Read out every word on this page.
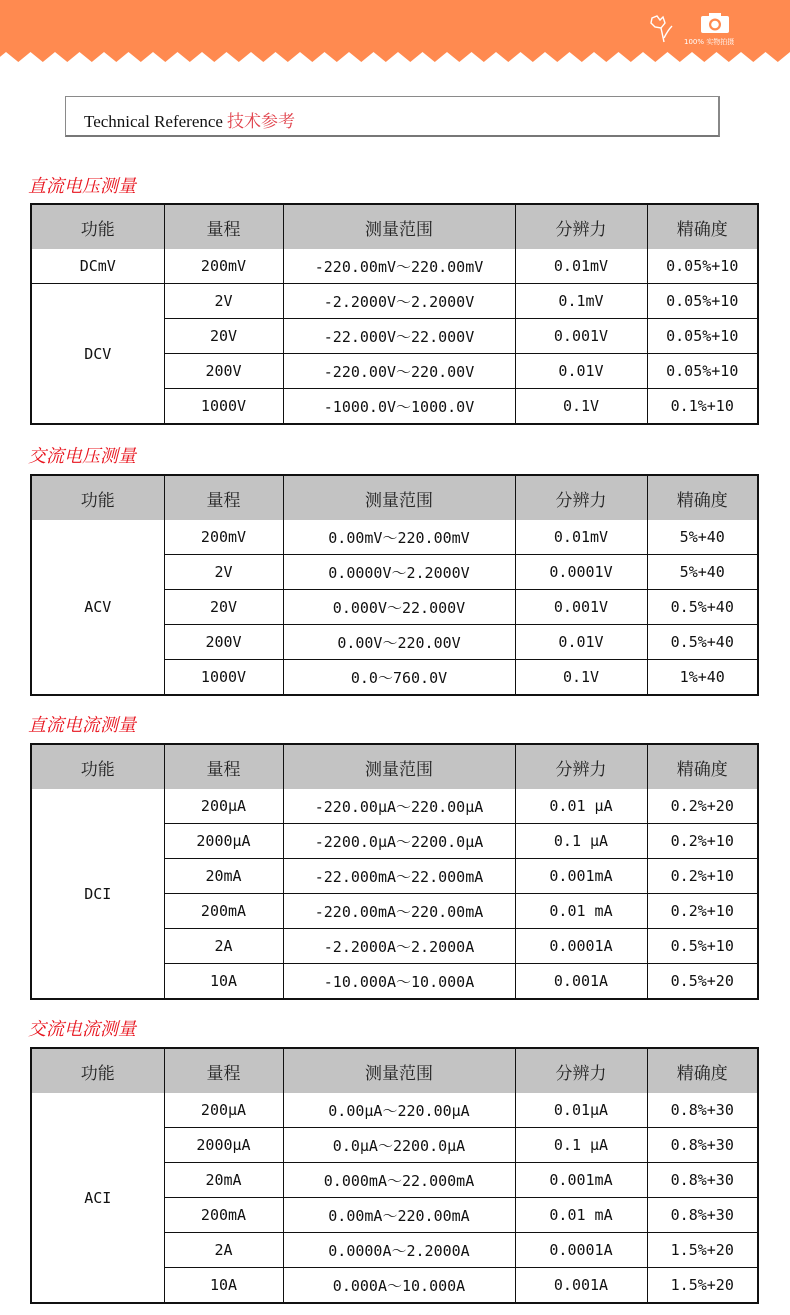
100% 实物拍摄
Technical Reference 技术参考
直流电压测量
功能	量程	测量范围	分辨力	精确度
DCmV	200mV	-220.00mV～220.00mV	0.01mV	0.05%+10
DCV	2V	-2.2000V～2.2000V	0.1mV	0.05%+10
	20V	-22.000V～22.000V	0.001V	0.05%+10
	200V	-220.00V～220.00V	0.01V	0.05%+10
	1000V	-1000.0V～1000.0V	0.1V	0.1%+10
交流电压测量
功能	量程	测量范围	分辨力	精确度
ACV	200mV	0.00mV～220.00mV	0.01mV	5%+40
	2V	0.0000V～2.2000V	0.0001V	5%+40
	20V	0.000V～22.000V	0.001V	0.5%+40
	200V	0.00V～220.00V	0.01V	0.5%+40
	1000V	0.0～760.0V	0.1V	1%+40
直流电流测量
功能	量程	测量范围	分辨力	精确度
DCI	200μA	-220.00μA～220.00μA	0.01 μA	0.2%+20
	2000μA	-2200.0μA～2200.0μA	0.1 μA	0.2%+10
	20mA	-22.000mA～22.000mA	0.001mA	0.2%+10
	200mA	-220.00mA～220.00mA	0.01 mA	0.2%+10
	2A	-2.2000A～2.2000A	0.0001A	0.5%+10
	10A	-10.000A～10.000A	0.001A	0.5%+20
交流电流测量
功能	量程	测量范围	分辨力	精确度
ACI	200μA	0.00μA～220.00μA	0.01μA	0.8%+30
	2000μA	0.0μA～2200.0μA	0.1 μA	0.8%+30
	20mA	0.000mA～22.000mA	0.001mA	0.8%+30
	200mA	0.00mA～220.00mA	0.01 mA	0.8%+30
	2A	0.0000A～2.2000A	0.0001A	1.5%+20
	10A	0.000A～10.000A	0.001A	1.5%+20
